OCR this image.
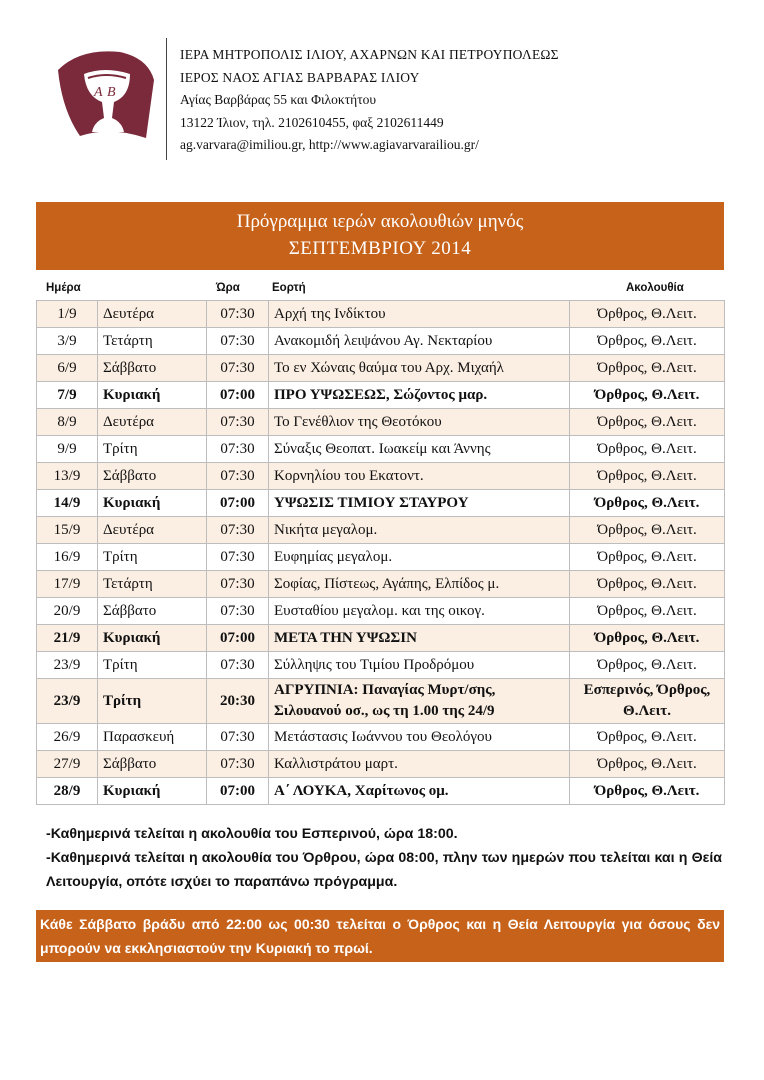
Α Β
ΙΕΡΑ ΜΗΤΡΟΠΟΛΙΣ ΙΛΙΟΥ, ΑΧΑΡΝΩΝ ΚΑΙ ΠΕΤΡΟΥΠΟΛΕΩΣ
ΙΕΡΟΣ ΝΑΟΣ ΑΓΙΑΣ ΒΑΡΒΑΡΑΣ ΙΛΙΟΥ
Αγίας Βαρβάρας 55 και Φιλοκτήτου
13122 Ίλιον, τηλ. 2102610455, φαξ 2102611449
ag.varvara@imiliou.gr, http://www.agiavarvarailiou.gr/
Πρόγραμμα ιερών ακολουθιών μηνός
ΣΕΠΤΕΜΒΡΙΟΥ 2014
Ημέρα	Ώρα	Εορτή	Ακολουθία
1/9	Δευτέρα	07:30	Αρχή της Ινδίκτου	Όρθρος, Θ.Λειτ.
3/9	Τετάρτη	07:30	Ανακομιδή λειψάνου Αγ. Νεκταρίου	Όρθρος, Θ.Λειτ.
6/9	Σάββατο	07:30	Το εν Χώναις θαύμα του Αρχ. Μιχαήλ	Όρθρος, Θ.Λειτ.
7/9	Κυριακή	07:00	ΠΡΟ ΥΨΩΣΕΩΣ, Σώζοντος μαρ.	Όρθρος, Θ.Λειτ.
8/9	Δευτέρα	07:30	Το Γενέθλιον της Θεοτόκου	Όρθρος, Θ.Λειτ.
9/9	Τρίτη	07:30	Σύναξις Θεοπατ. Ιωακείμ και Άννης	Όρθρος, Θ.Λειτ.
13/9	Σάββατο	07:30	Κορνηλίου του Εκατοντ.	Όρθρος, Θ.Λειτ.
14/9	Κυριακή	07:00	ΥΨΩΣΙΣ ΤΙΜΙΟΥ ΣΤΑΥΡΟΥ	Όρθρος, Θ.Λειτ.
15/9	Δευτέρα	07:30	Νικήτα μεγαλομ.	Όρθρος, Θ.Λειτ.
16/9	Τρίτη	07:30	Ευφημίας μεγαλομ.	Όρθρος, Θ.Λειτ.
17/9	Τετάρτη	07:30	Σοφίας, Πίστεως, Αγάπης, Ελπίδος μ.	Όρθρος, Θ.Λειτ.
20/9	Σάββατο	07:30	Ευσταθίου μεγαλομ. και της οικογ.	Όρθρος, Θ.Λειτ.
21/9	Κυριακή	07:00	ΜΕΤΑ ΤΗΝ ΥΨΩΣΙΝ	Όρθρος, Θ.Λειτ.
23/9	Τρίτη	07:30	Σύλληψις του Τιμίου Προδρόμου	Όρθρος, Θ.Λειτ.
23/9	Τρίτη	20:30	ΑΓΡΥΠΝΙΑ: Παναγίας Μυρτ/σης, Σιλουανού οσ., ως τη 1.00 της 24/9	Εσπερινός, Όρθρος, Θ.Λειτ.
26/9	Παρασκευή	07:30	Μετάστασις Ιωάννου του Θεολόγου	Όρθρος, Θ.Λειτ.
27/9	Σάββατο	07:30	Καλλιστράτου μαρτ.	Όρθρος, Θ.Λειτ.
28/9	Κυριακή	07:00	Α΄ ΛΟΥΚΑ, Χαρίτωνος ομ.	Όρθρος, Θ.Λειτ.

-Καθημερινά τελείται η ακολουθία του Εσπερινού, ώρα 18:00.

-Καθημερινά τελείται η ακολουθία του Όρθρου, ώρα 08:00, πλην των ημερών που τελείται και η Θεία Λειτουργία, οπότε ισχύει το παραπάνω πρόγραμμα.

Κάθε Σάββατο βράδυ από 22:00 ως 00:30 τελείται ο Όρθρος και η Θεία Λειτουργία για όσους δεν μπορούν να εκκλησιαστούν την Κυριακή το πρωί.
